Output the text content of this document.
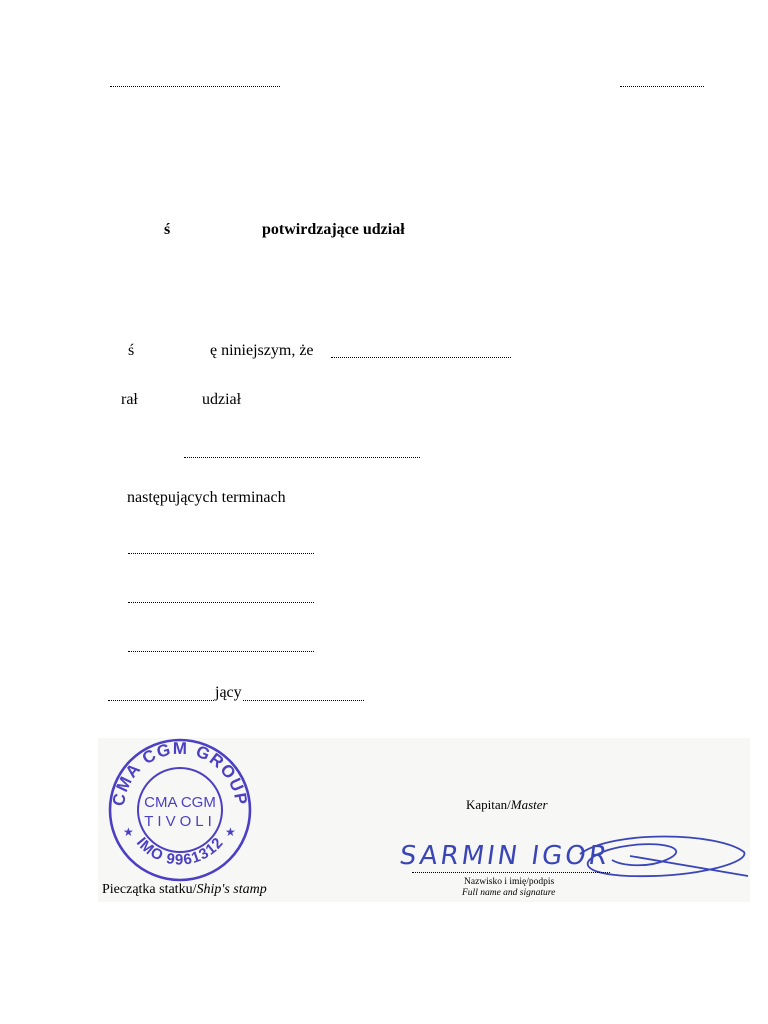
ś	potwirdzające udział
ś	ę niniejszym, że
rał	udział
następujących terminach
jący
CMA CGM GROUP
IMO 9961312
CMA CGM
TIVOLI
★	★
Pieczątka statku/Ship's stamp
Kapitan/Master
SARMIN IGOR
Nazwisko i imię/podpis
Full name and signature
